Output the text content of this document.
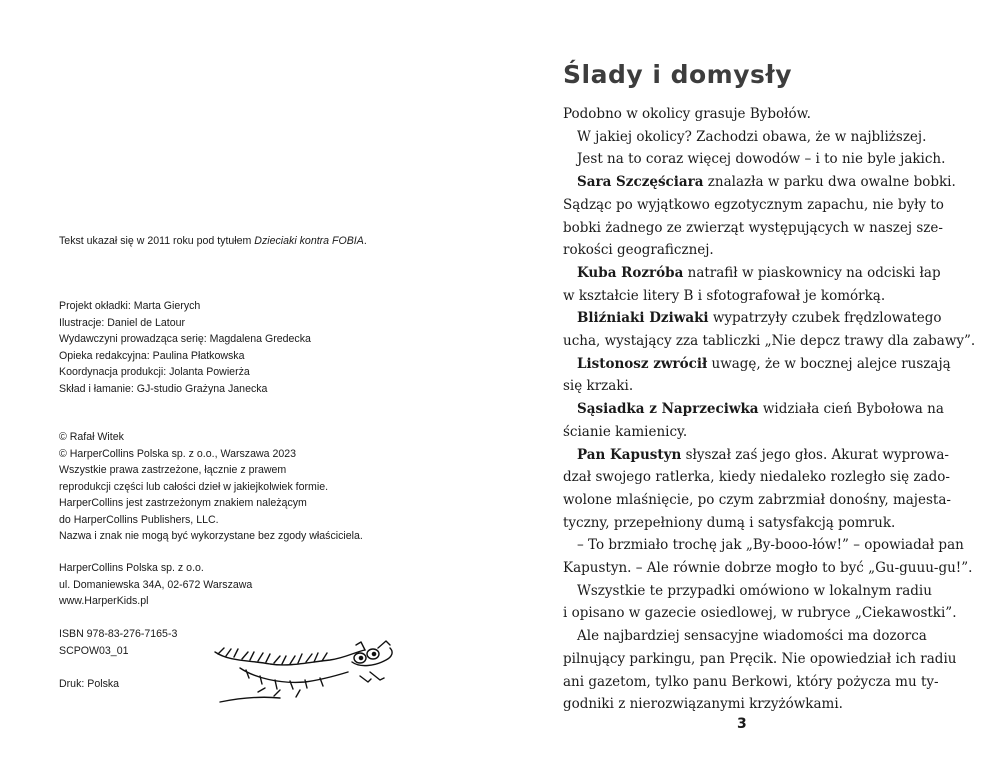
Tekst ukazał się w 2011 roku pod tytułem Dzieciaki kontra FOBIA.
Projekt okładki: Marta Gierych
Ilustracje: Daniel de Latour
Wydawczyni prowadząca serię: Magdalena Gredecka
Opieka redakcyjna: Paulina Płatkowska
Koordynacja produkcji: Jolanta Powierża
Skład i łamanie: GJ-studio Grażyna Janecka
© Rafał Witek
© HarperCollins Polska sp. z o.o., Warszawa 2023
Wszystkie prawa zastrzeżone, łącznie z prawem
reprodukcji części lub całości dzieł w jakiejkolwiek formie.
HarperCollins jest zastrzeżonym znakiem należącym
do HarperCollins Publishers, LLC.
Nazwa i znak nie mogą być wykorzystane bez zgody właściciela.
HarperCollins Polska sp. z o.o.
ul. Domaniewska 34A, 02-672 Warszawa
www.HarperKids.pl
ISBN 978-83-276-7165-3
SCPOW03_01
Druk: Polska
Ślady i domysły

Podobno w okolicy grasuje Bybołów.

W jakiej okolicy? Zachodzi obawa, że w najbliższej.

Jest na to coraz więcej dowodów – i to nie byle jakich.

Sara Szczęściara znalazła w parku dwa owalne bobki.

Sądząc po wyjątkowo egzotycznym zapachu, nie były to

bobki żadnego ze zwierząt występujących w naszej sze-

rokości geograficznej.

Kuba Rozróba natrafił w piaskownicy na odciski łap

w kształcie litery B i sfotografował je komórką.

Bliźniaki Dziwaki wypatrzyły czubek frędzlowatego

ucha, wystający zza tabliczki „Nie depcz trawy dla zabawy”.

Listonosz zwrócił uwagę, że w bocznej alejce ruszają

się krzaki.

Sąsiadka z Naprzeciwka widziała cień Bybołowa na

ścianie kamienicy.

Pan Kapustyn słyszał zaś jego głos. Akurat wyprowa-

dzał swojego ratlerka, kiedy niedaleko rozległo się zado-

wolone mlaśnięcie, po czym zabrzmiał donośny, majesta-

tyczny, przepełniony dumą i satysfakcją pomruk.

– To brzmiało trochę jak „By-booo-łów!” – opowiadał pan

Kapustyn. – Ale równie dobrze mogło to być „Gu-guuu-gu!”.

Wszystkie te przypadki omówiono w lokalnym radiu

i opisano w gazecie osiedlowej, w rubryce „Ciekawostki”.

Ale najbardziej sensacyjne wiadomości ma dozorca

pilnujący parkingu, pan Pręcik. Nie opowiedział ich radiu

ani gazetom, tylko panu Berkowi, który pożycza mu ty-

godniki z nierozwiązanymi krzyżówkami.

3
